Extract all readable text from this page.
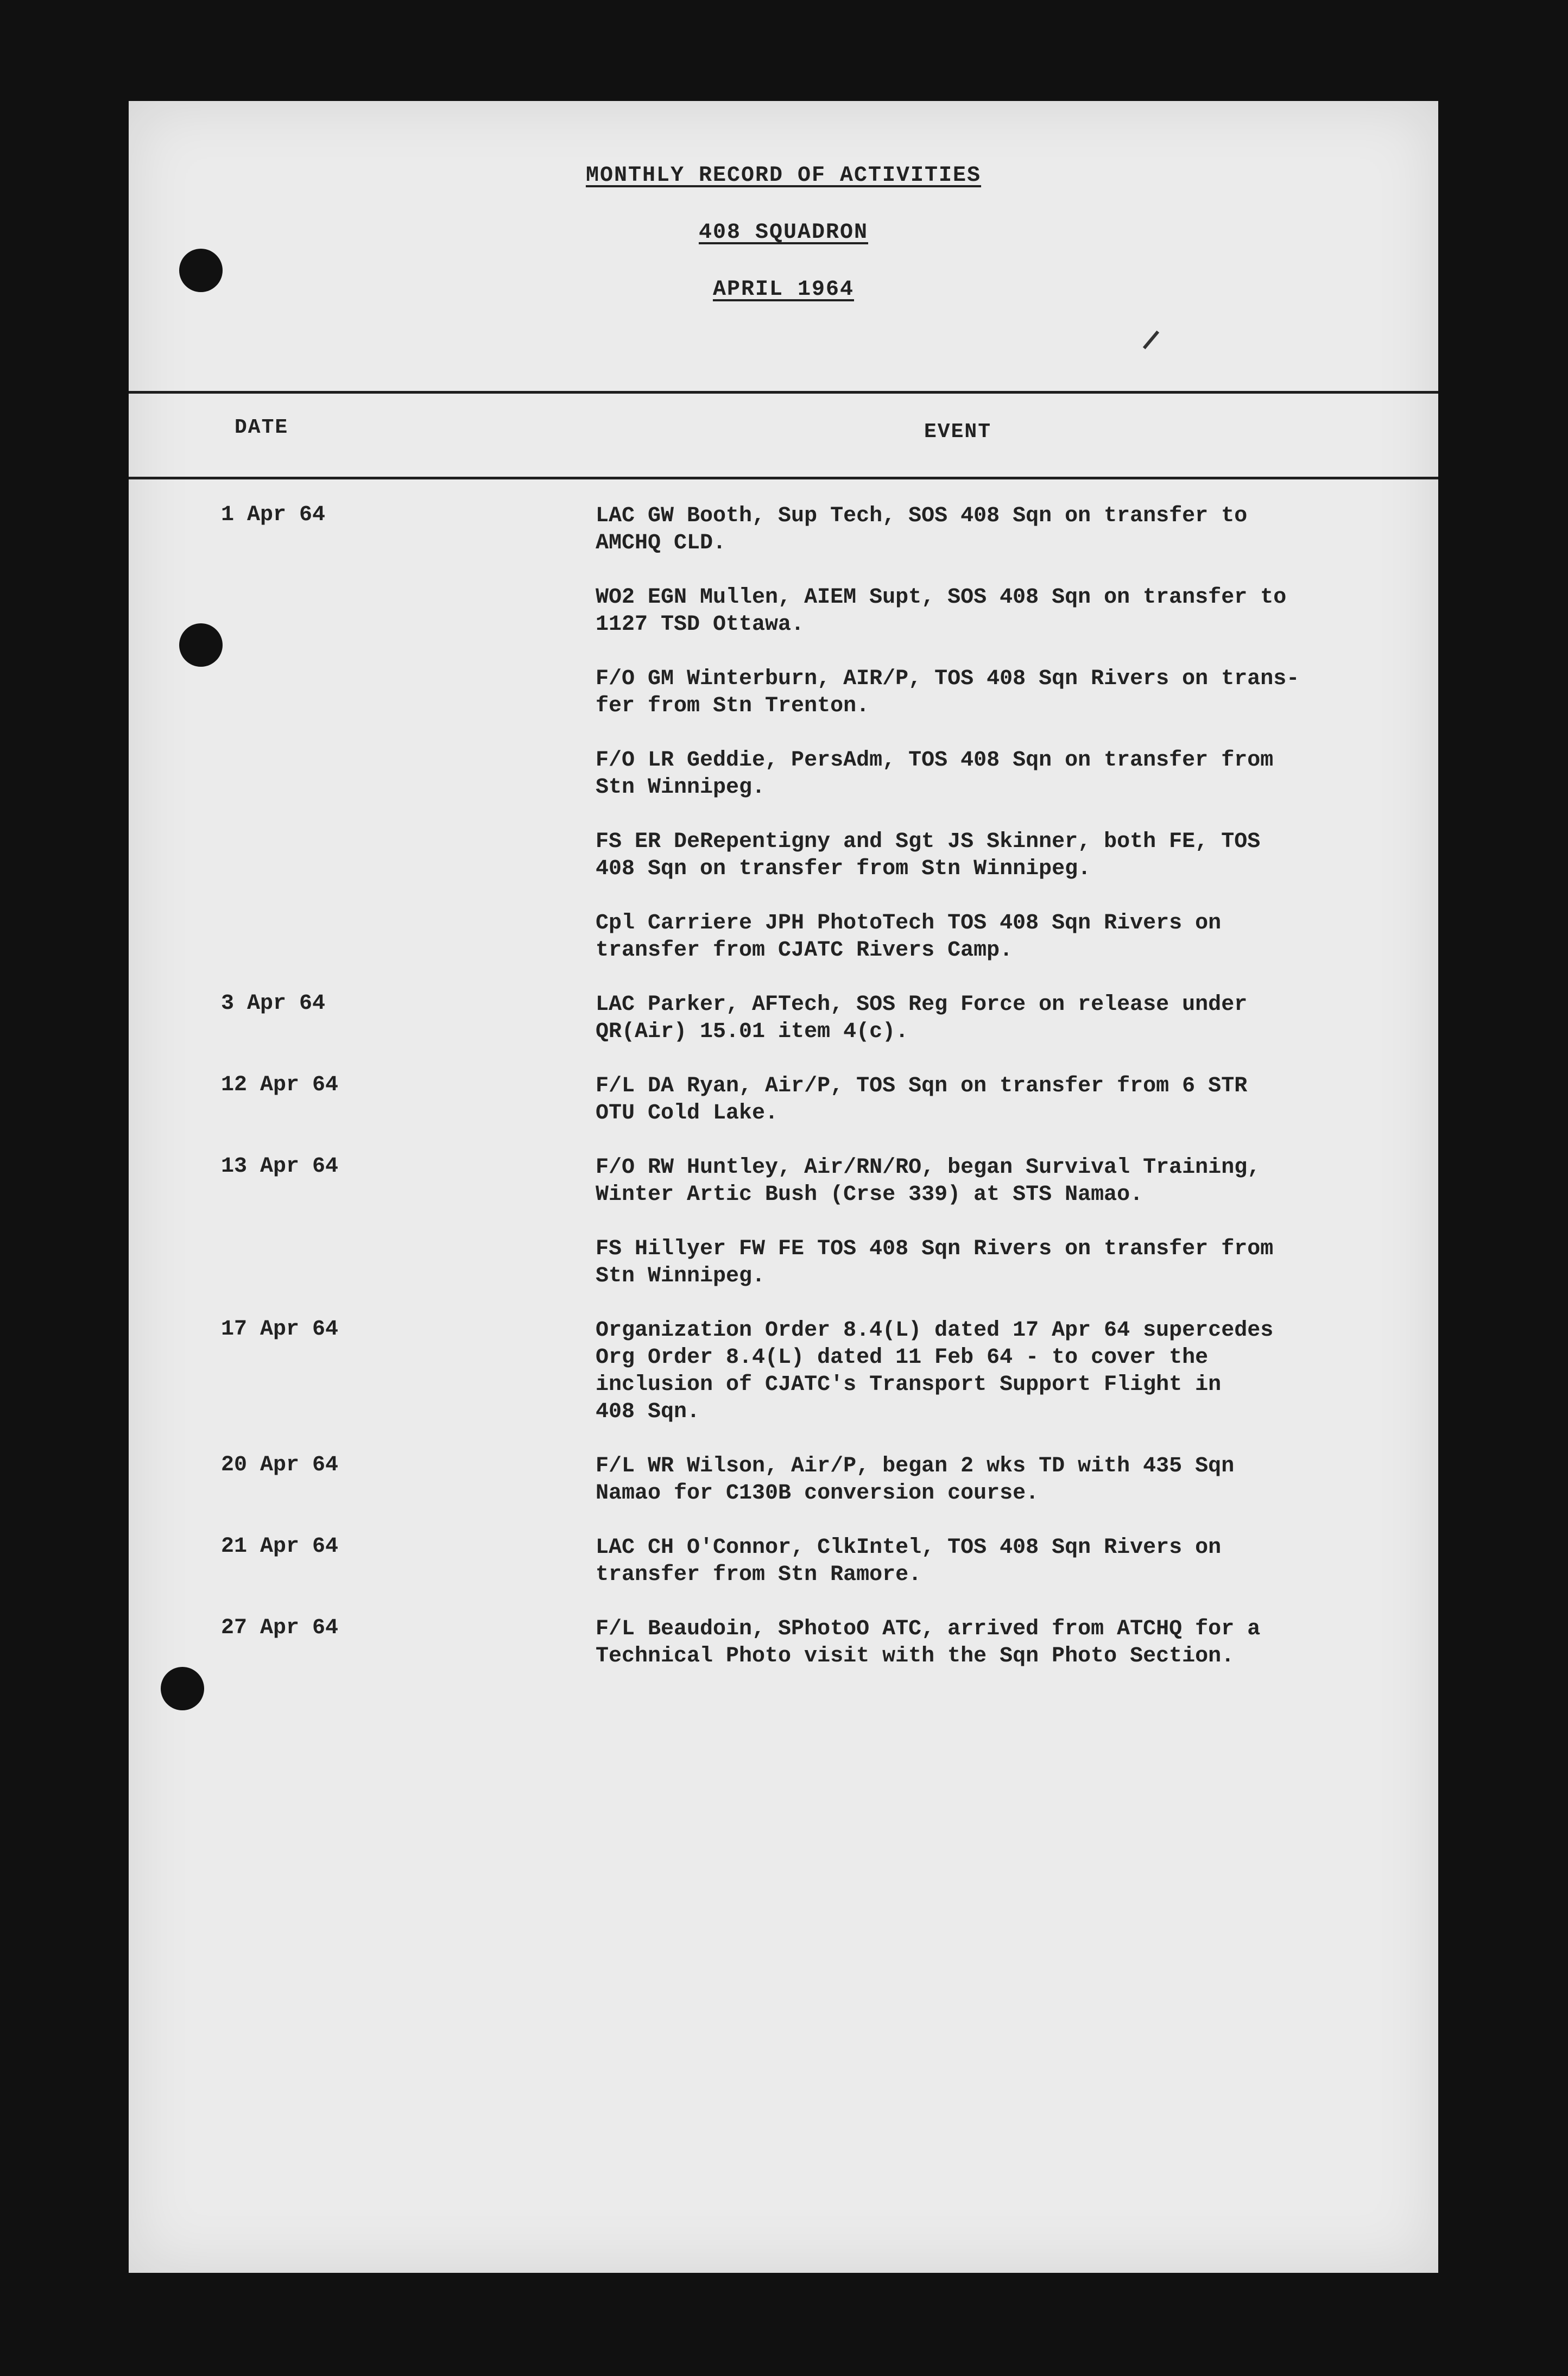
MONTHLY RECORD OF ACTIVITIES
408 SQUADRON
APRIL 1964
DATE	EVENT
1 Apr 64	LAC GW Booth, Sup Tech, SOS 408 Sqn on transfer to
AMCHQ CLD.
WO2 EGN Mullen, AIEM Supt, SOS 408 Sqn on transfer to
1127 TSD Ottawa.
F/O GM Winterburn, AIR/P, TOS 408 Sqn Rivers on trans-
fer from Stn Trenton.
F/O LR Geddie, PersAdm, TOS 408 Sqn on transfer from
Stn Winnipeg.
FS ER DeRepentigny and Sgt JS Skinner, both FE, TOS
408 Sqn on transfer from Stn Winnipeg.
Cpl Carriere JPH PhotoTech TOS 408 Sqn Rivers on
transfer from CJATC Rivers Camp.
3 Apr 64	LAC Parker, AFTech, SOS Reg Force on release under
QR(Air) 15.01 item 4(c).
12 Apr 64	F/L DA Ryan, Air/P, TOS Sqn on transfer from 6 STR
OTU Cold Lake.
13 Apr 64	F/O RW Huntley, Air/RN/RO, began Survival Training,
Winter Artic Bush (Crse 339) at STS Namao.
FS Hillyer FW FE TOS 408 Sqn Rivers on transfer from
Stn Winnipeg.
17 Apr 64	Organization Order 8.4(L) dated 17 Apr 64 supercedes
Org Order 8.4(L) dated 11 Feb 64 - to cover the
inclusion of CJATC's Transport Support Flight in
408 Sqn.
20 Apr 64	F/L WR Wilson, Air/P, began 2 wks TD with 435 Sqn
Namao for C130B conversion course.
21 Apr 64	LAC CH O'Connor, ClkIntel, TOS 408 Sqn Rivers on
transfer from Stn Ramore.
27 Apr 64	F/L Beaudoin, SPhotoO ATC, arrived from ATCHQ for a
Technical Photo visit with the Sqn Photo Section.
